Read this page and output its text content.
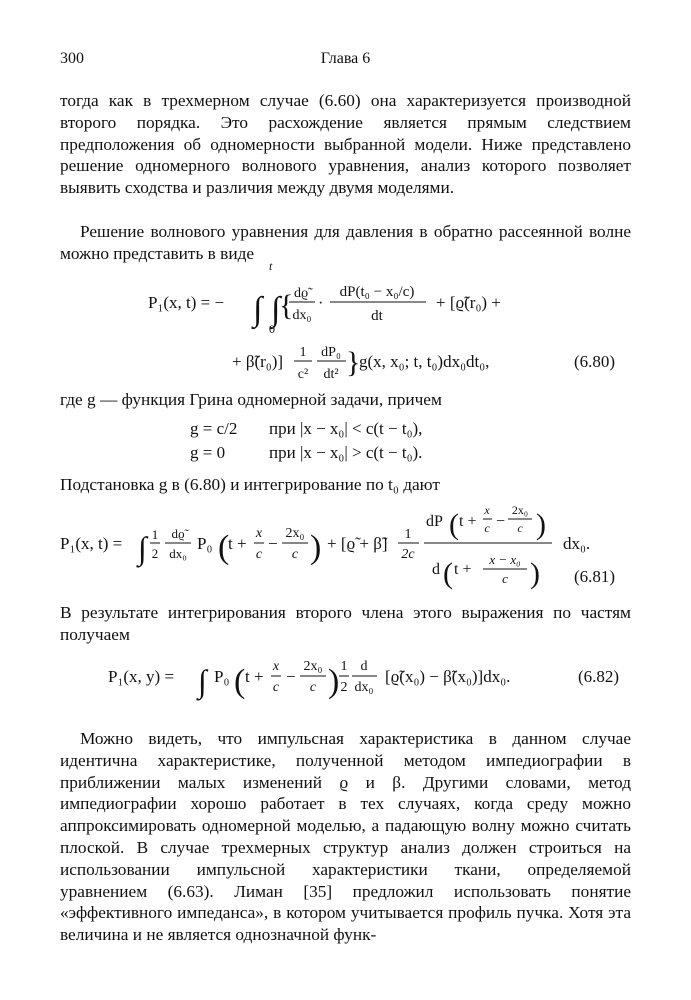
300	Глава 6

тогда как в трехмерном случае (6.60) она характеризуется производной второго порядка. Это расхождение является прямым следствием предположения об одномерности выбранной модели. Ниже представлено решение одномерного волнового уравнения, анализ которого позволяет выявить сходства и различия между двумя моделями.

Решение волнового уравнения для давления в обратно рассеянной волне можно представить в виде

где g — функция Грина одномерной задачи, причем

Подстановка g в (6.80) и интегрирование по t₀ дают

В результате интегрирования второго члена этого выражения по частям получаем

Можно видеть, что импульсная характеристика в данном случае идентична характеристике, полученной методом импедиографии в приближении малых изменений ϱ и β. Другими словами, метод импедиографии хорошо работает в тех случаях, когда среду можно аппроксимировать одномерной моделью, а падающую волну можно считать плоской. В случае трехмерных структур анализ должен строиться на использовании импульсной характеристики ткани, определяемой уравнением (6.63). Лиман [35] предложил использовать понятие «эффективного импеданса», в котором учитывается профиль пучка. Хотя эта величина и не является однозначной функ-

P₁(x, t) = − ∫ ∫
t
0
{ dϱ̃
dx₀
·
dP(t₀ − x₀/c)
dt
+ [ϱ̃(r₀) +
+ β̃(r₀)] 1
c²
dP₀
dt² }
g(x, x₀; t, t₀)dx₀dt₀,	(6.80)
g = c/2 при |x − x₀| < c(t − t₀),
g = 0	при |x − x₀| > c(t − t₀).
P₁(x, t) = ∫ 1
2
dϱ̃
dx₀
P₀ (
t +
x
c
−
2x₀
c ) + [ϱ̃ + β̃] 1
2c
dP ( t +
x
c −
2x₀
c )
d ( t +
x − x₀
c )
dx₀.
(6.81)
P₁(x, y) = ∫ P₀ ( t +
x
c
−
2x₀
c ) 1
2
d
dx₀
[ϱ̃(x₀) − β̃(x₀)]dx₀.	(6.82)
